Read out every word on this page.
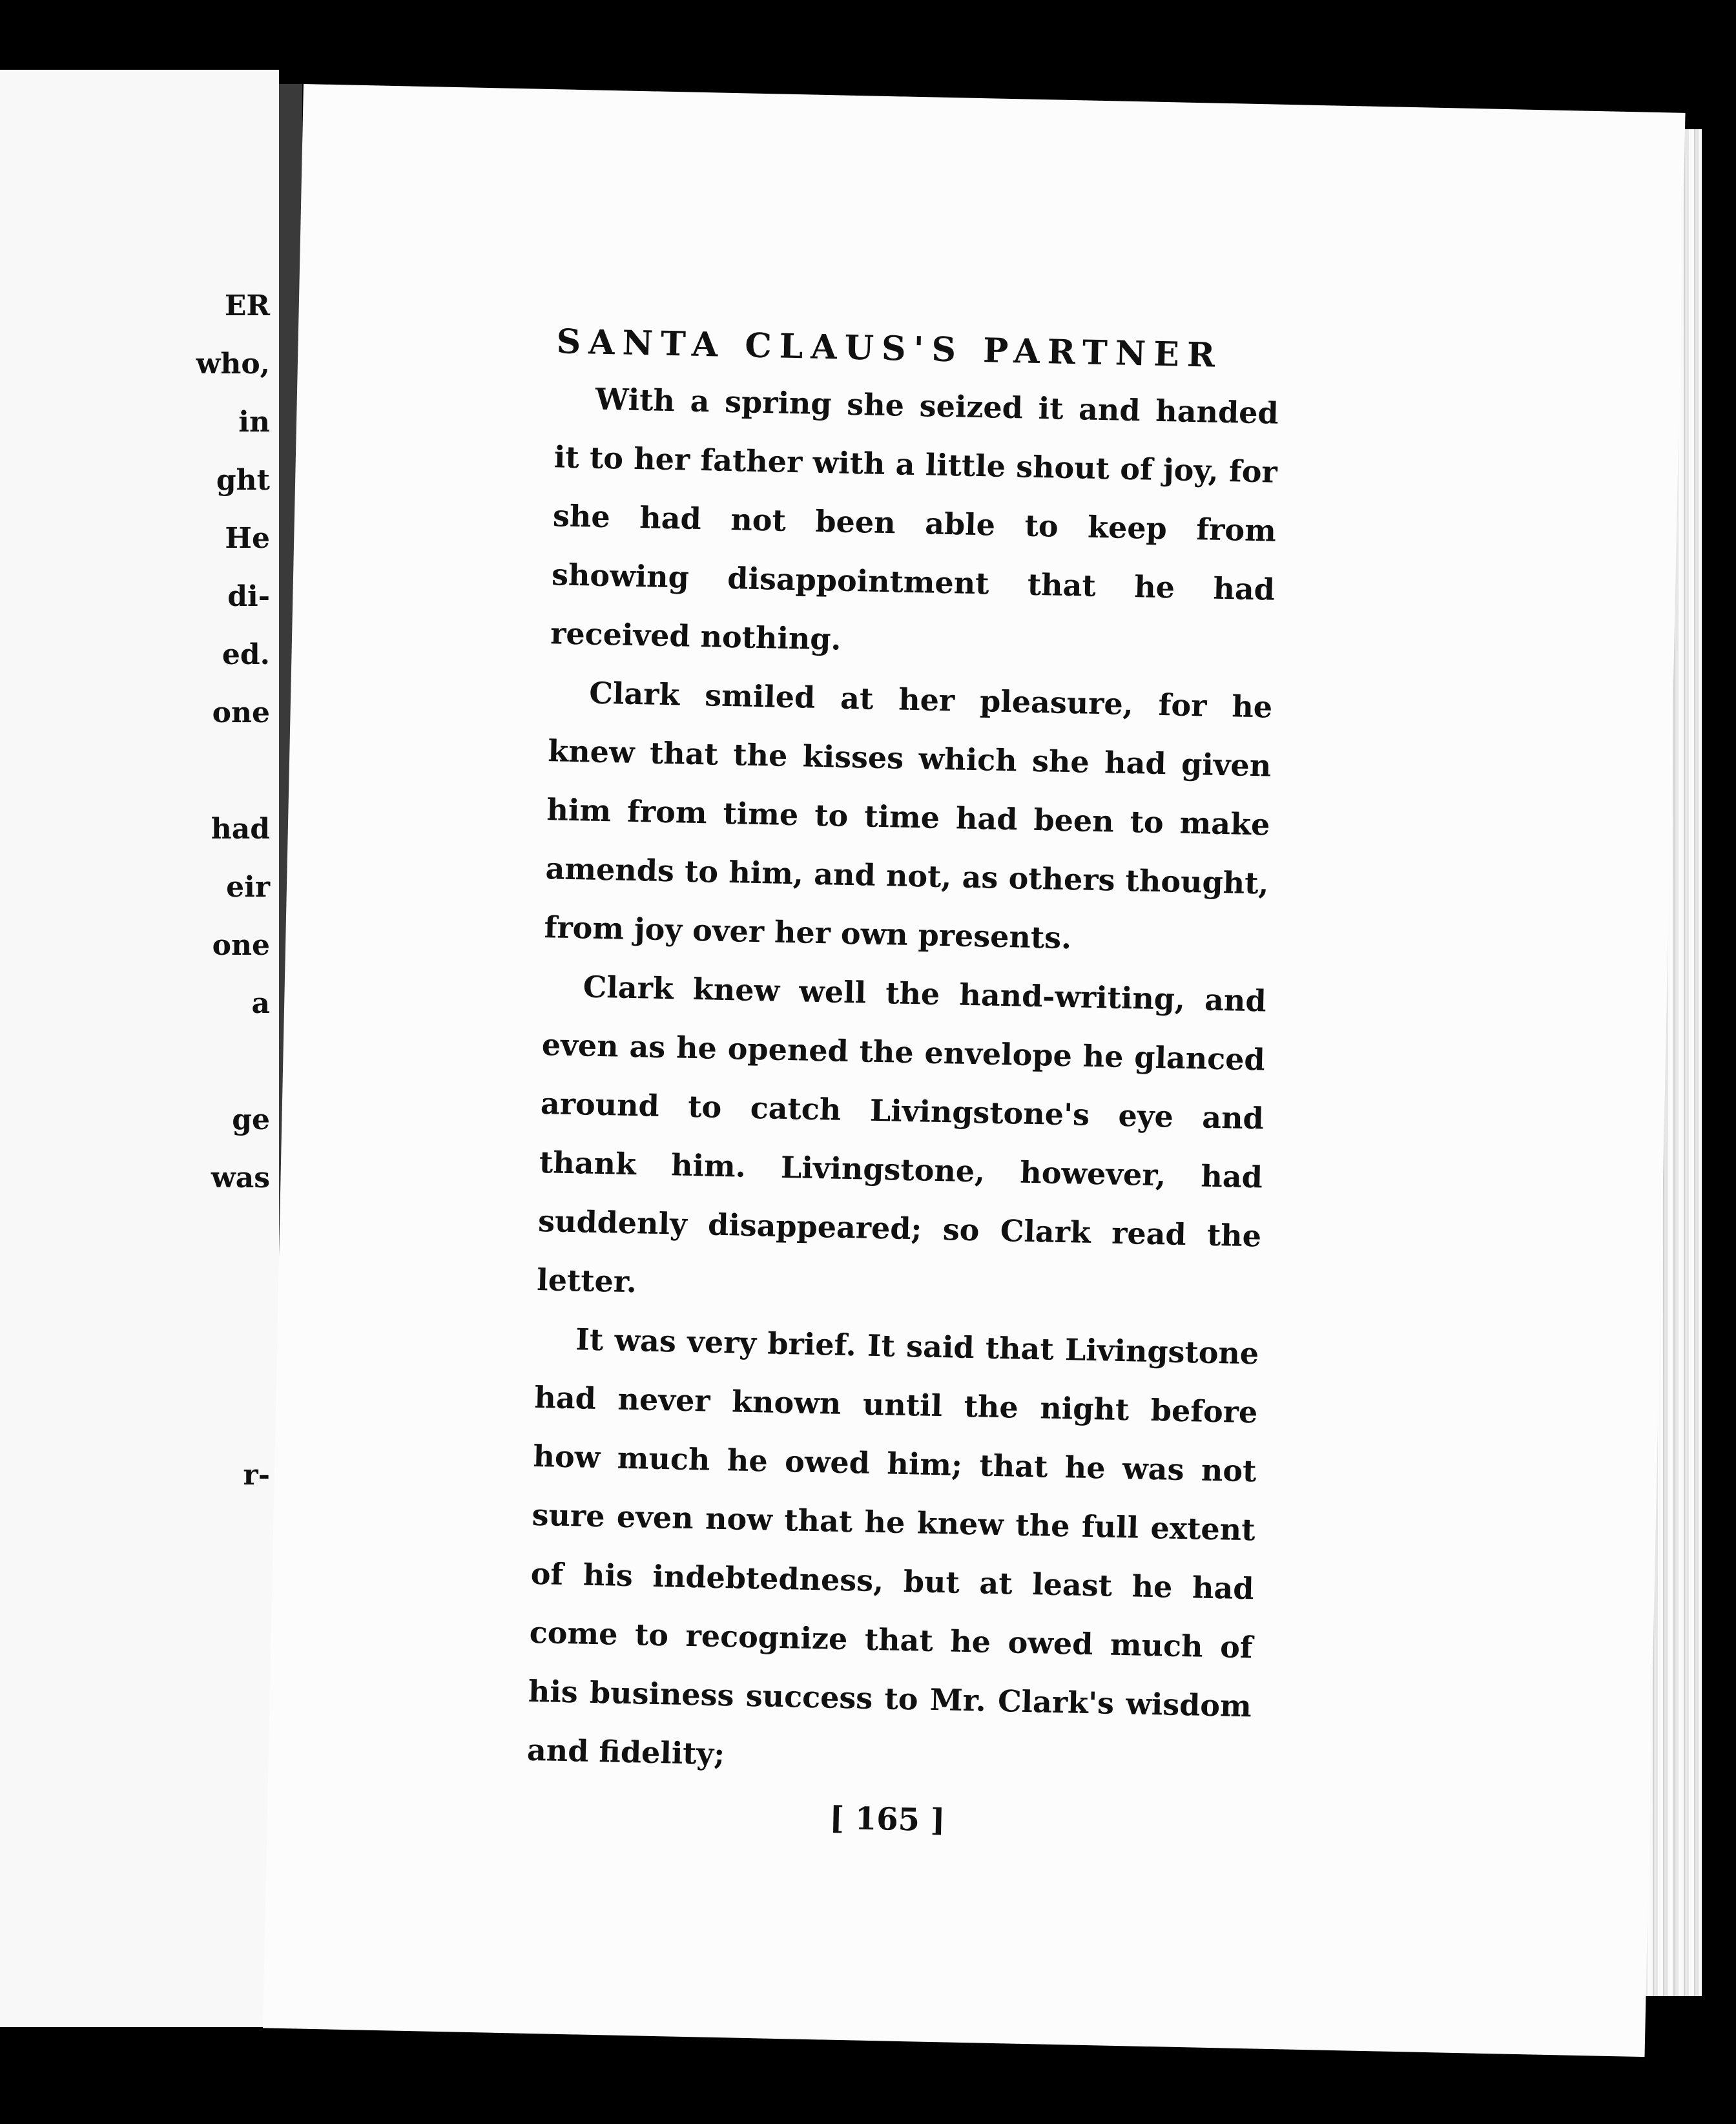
ER
who,
in
ght
He
di-
ed.
one
had
eir
one
a
ge
was
r-
SANTA CLAUS'S PARTNER

With a spring she seized it and handed it to her father with a little shout of joy, for she had not been able to keep from showing disappointment that he had received nothing.

Clark smiled at her pleasure, for he knew that the kisses which she had given him from time to time had been to make amends to him, and not, as others thought, from joy over her own presents.

Clark knew well the hand-writing, and even as he opened the envelope he glanced around to catch Livingstone's eye and thank him. Livingstone, however, had suddenly disappeared; so Clark read the letter.

It was very brief. It said that Livingstone had never known until the night before how much he owed him; that he was not sure even now that he knew the full extent of his indebtedness, but at least he had come to recognize that he owed much of his business success to Mr. Clark's wisdom and fidelity;

[ 165 ]
